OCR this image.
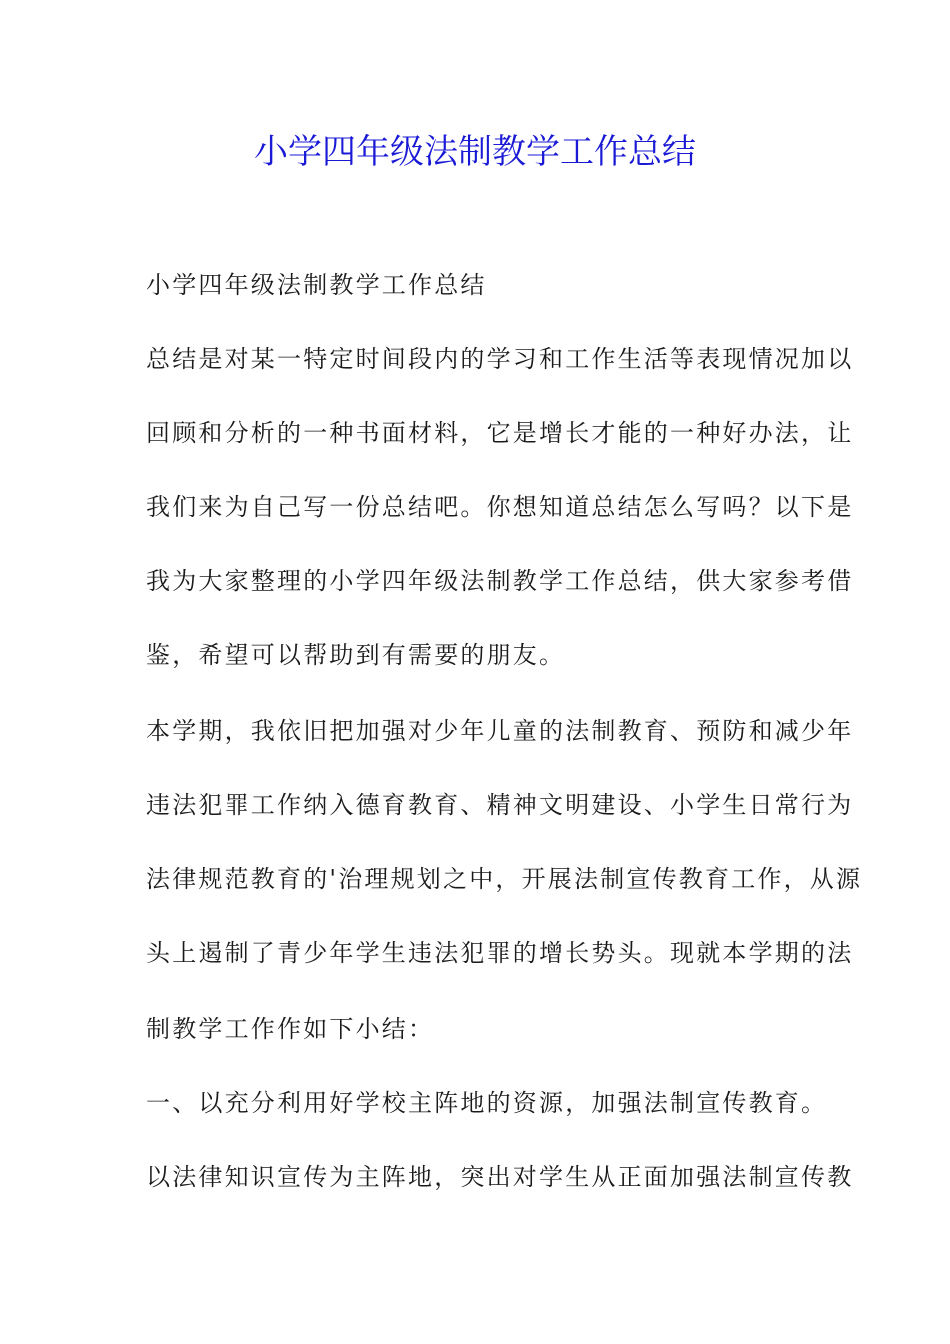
小学四年级法制教学工作总结
小学四年级法制教学工作总结
总结是对某一特定时间段内的学习和工作生活等表现情况加以
回顾和分析的一种书面材料，它是增长才能的一种好办法，让
我们来为自己写一份总结吧。你想知道总结怎么写吗？以下是
我为大家整理的小学四年级法制教学工作总结，供大家参考借
鉴，希望可以帮助到有需要的朋友。
本学期，我依旧把加强对少年儿童的法制教育、预防和减少年
违法犯罪工作纳入德育教育、精神文明建设、小学生日常行为
法律规范教育的'治理规划之中，开展法制宣传教育工作，从源
头上遏制了青少年学生违法犯罪的增长势头。现就本学期的法
制教学工作作如下小结：
一、以充分利用好学校主阵地的资源，加强法制宣传教育。
以法律知识宣传为主阵地，突出对学生从正面加强法制宣传教
